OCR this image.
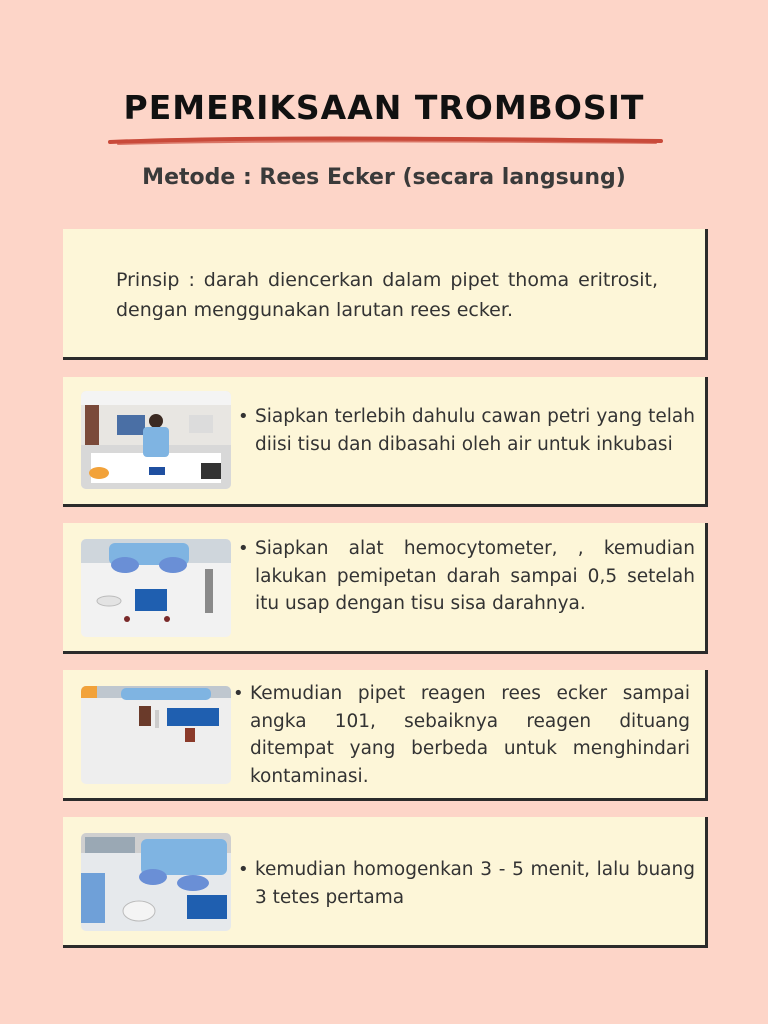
PEMERIKSAAN TROMBOSIT
Metode : Rees Ecker (secara langsung)
Prinsip : darah diencerkan dalam pipet thoma eritrosit, dengan menggunakan larutan rees ecker.
• Siapkan terlebih dahulu cawan petri yang telah diisi tisu dan dibasahi oleh air untuk inkubasi
• Siapkan alat hemocytometer, , kemudian lakukan pemipetan darah sampai 0,5 setelah itu usap dengan tisu sisa darahnya.
• Kemudian pipet reagen rees ecker sampai angka 101, sebaiknya reagen dituang ditempat yang berbeda untuk menghindari kontaminasi.
• kemudian homogenkan 3 - 5 menit, lalu buang 3 tetes pertama
